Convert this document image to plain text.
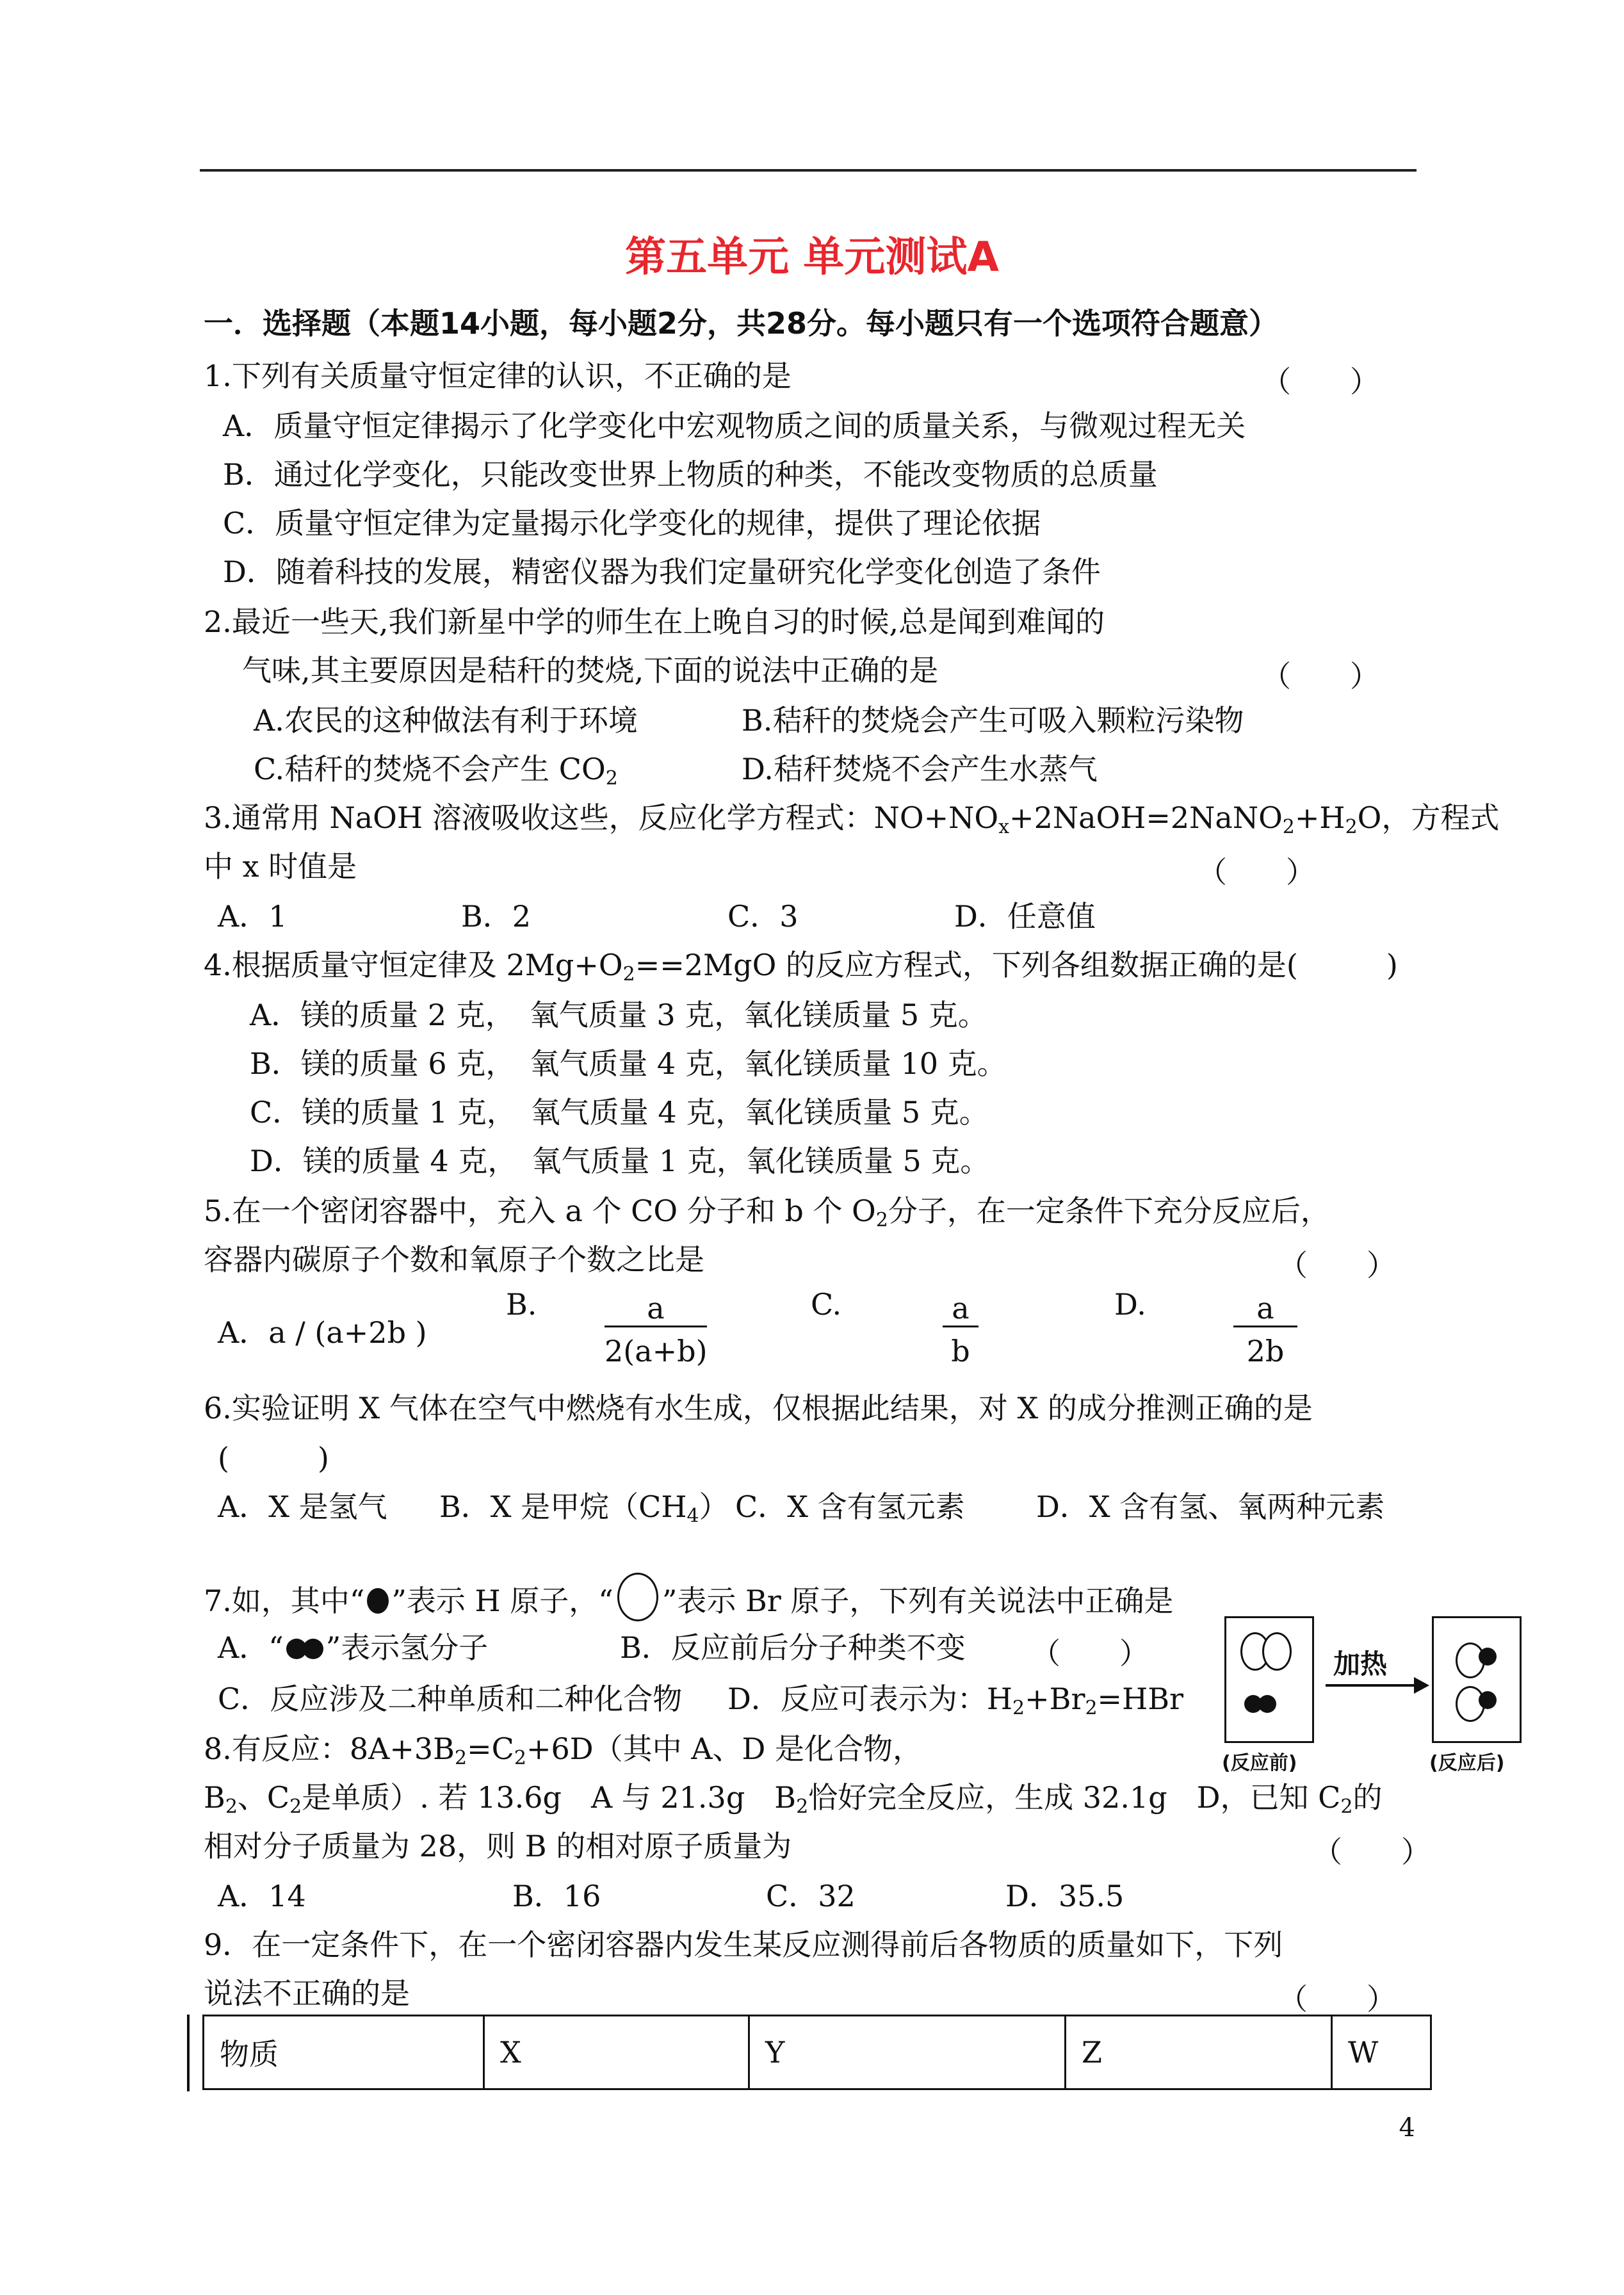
第五单元 单元测试A
一．选择题（本题14小题，每小题2分，共28分。每小题只有一个选项符合题意）
1.下列有关质量守恒定律的认识，不正确的是	（　　）
A．质量守恒定律揭示了化学变化中宏观物质之间的质量关系，与微观过程无关
B．通过化学变化，只能改变世界上物质的种类，不能改变物质的总质量
C．质量守恒定律为定量揭示化学变化的规律，提供了理论依据
D．随着科技的发展，精密仪器为我们定量研究化学变化创造了条件
2.最近一些天,我们新星中学的师生在上晚自习的时候,总是闻到难闻的
气味,其主要原因是秸秆的焚烧,下面的说法中正确的是	（　　）
A.农民的这种做法有利于环境	B.秸秆的焚烧会产生可吸入颗粒污染物
C.秸秆的焚烧不会产生 $CO_2$	D.秸秆焚烧不会产生水蒸气
3.通常用 NaOH 溶液吸收这些，反应化学方程式：$NO+NO_x+2NaOH=2NaNO_2+H_2O$，方程式
中 x 时值是	（　　）
A．1	B．2	C．3	D．任意值
4.根据质量守恒定律及 $2Mg+O_2==2MgO$ 的反应方程式，下列各组数据正确的是(　　　)
A．镁的质量 2 克，　氧气质量 3 克，氧化镁质量 5 克。
B．镁的质量 6 克，　氧气质量 4 克，氧化镁质量 10 克。
C．镁的质量 1 克，　氧气质量 4 克，氧化镁质量 5 克。
D．镁的质量 4 克，　氧气质量 1 克，氧化镁质量 5 克。
5.在一个密闭容器中，充入 a 个 CO 分子和 b 个 $O_2$分子，在一定条件下充分反应后，
容器内碳原子个数和氧原子个数之比是	（　　）
A．a / (a+2b )
B. $\frac{a}{2(a+b)}$	C.	$\frac{a}{b}$	D.	$\frac{a}{2b}$
6.实验证明 X 气体在空气中燃烧有水生成，仅根据此结果，对 X 的成分推测正确的是
(　　　)
A．X 是氢气 B．X 是甲烷$(CH_4)$ C．X 含有氢元素 D．X 含有氢、氧两种元素
7.如，其中“ ”表示 H 原子，“ ”表示 Br 原子，下列有关说法中正确是
A．“ ”表示氢分子	B．反应前后分子种类不变 （　　）
C．反应涉及二种单质和二种化合物 D．反应可表示为：$H_2+Br_2=HBr$
加热
(反应前)	(反应后)
8.有反应：$8A+3B_2=C_2+6D$（其中 A、D 是化合物，
$B_2$、$C_2$是单质）. 若 13.6g　A 与 21.3g　$B_2$恰好完全反应，生成 32.1g　D，已知 $C_2$的
相对分子质量为 28，则 B 的相对原子质量为	（　　）
A．14	B．16	C．32	D．35.5
9．在一定条件下，在一个密闭容器内发生某反应测得前后各物质的质量如下，下列
说法不正确的是	（　　）
物质	X	Y	Z	W
4
